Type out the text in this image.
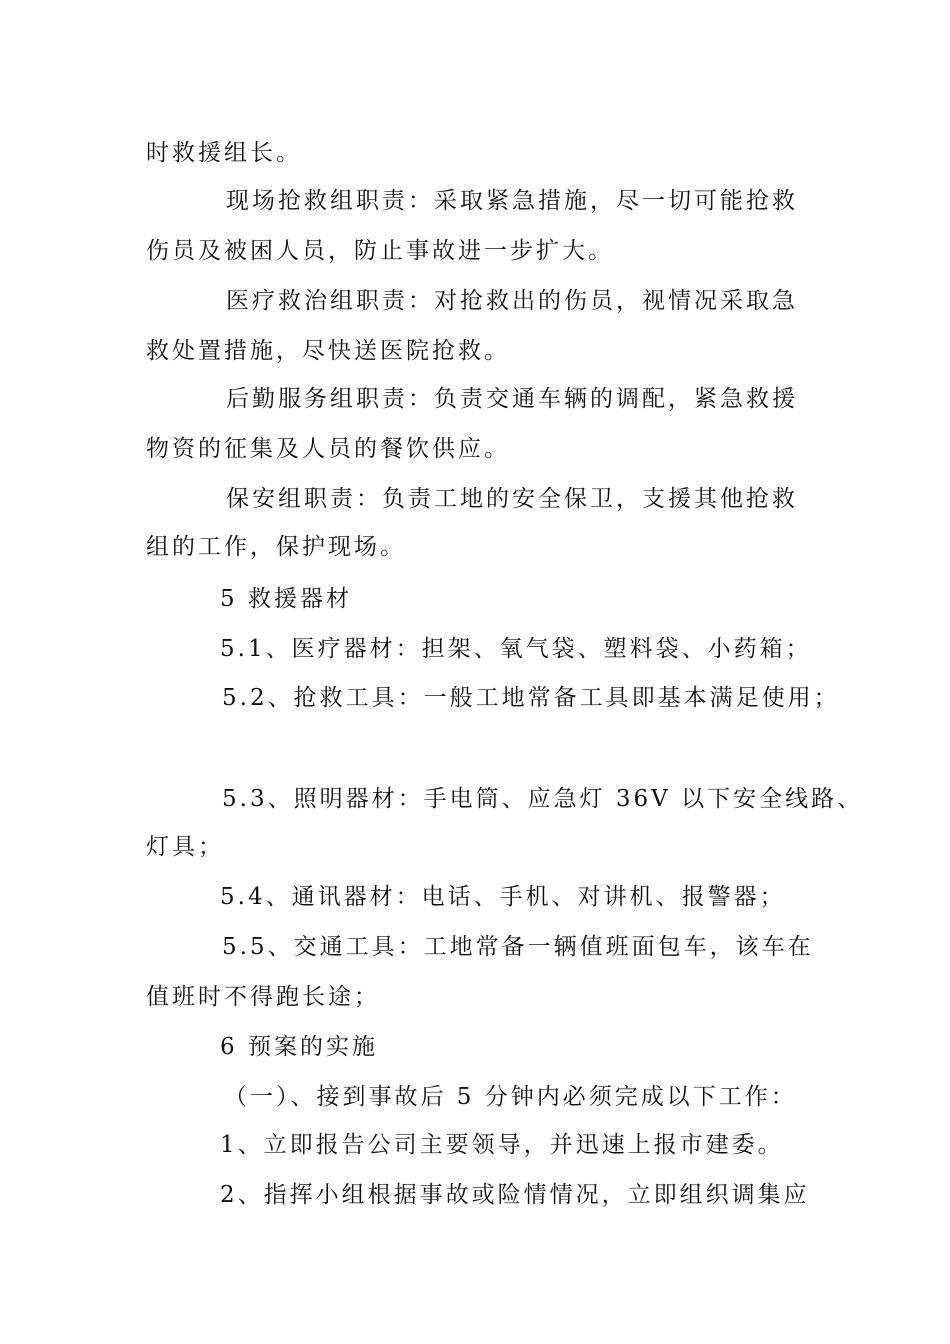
时救援组长。
现场抢救组职责：采取紧急措施，尽一切可能抢救
伤员及被困人员，防止事故进一步扩大。
医疗救治组职责：对抢救出的伤员，视情况采取急
救处置措施，尽快送医院抢救。
后勤服务组职责：负责交通车辆的调配，紧急救援
物资的征集及人员的餐饮供应。
保安组职责：负责工地的安全保卫，支援其他抢救
组的工作，保护现场。
5 救援器材
5.1、医疗器材：担架、氧气袋、塑料袋、小药箱；
5.2、抢救工具：一般工地常备工具即基本满足使用；
5.3、照明器材：手电筒、应急灯 36V 以下安全线路、
灯具；
5.4、通讯器材：电话、手机、对讲机、报警器；
5.5、交通工具：工地常备一辆值班面包车，该车在
值班时不得跑长途；
6 预案的实施
（一）、接到事故后 5 分钟内必须完成以下工作：
1、立即报告公司主要领导，并迅速上报市建委。
2、指挥小组根据事故或险情情况，立即组织调集应
